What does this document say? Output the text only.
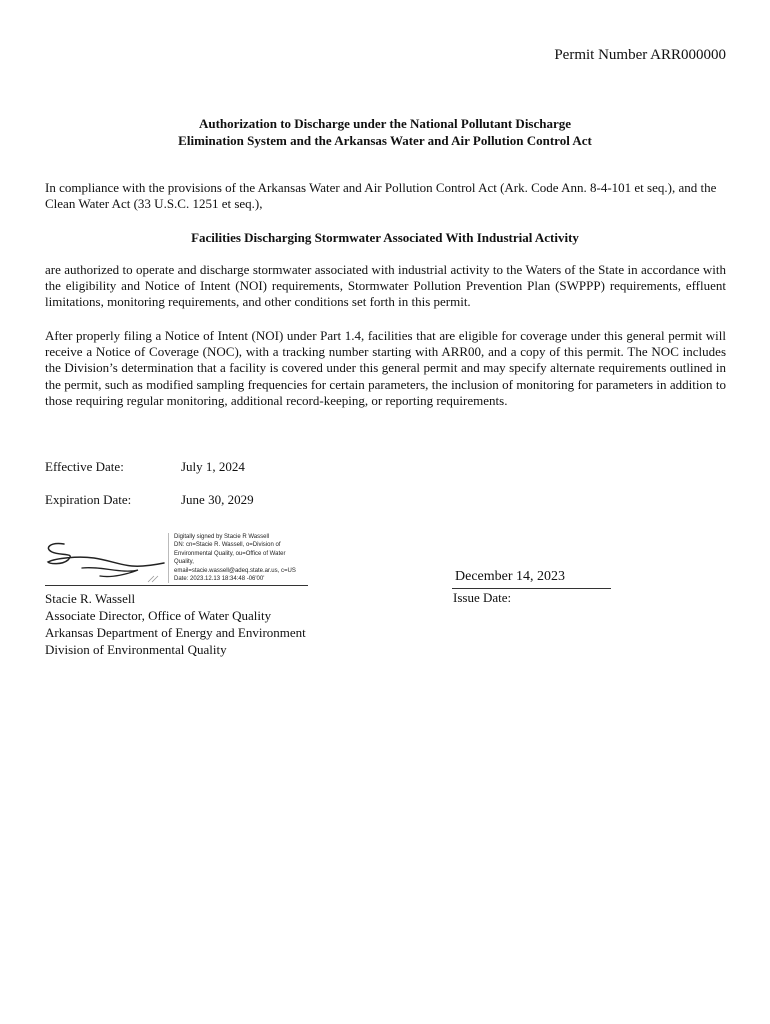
Permit Number ARR000000
Authorization to Discharge under the National Pollutant Discharge
Elimination System and the Arkansas Water and Air Pollution Control Act
In compliance with the provisions of the Arkansas Water and Air Pollution Control Act (Ark. Code Ann. 8-4-101 et seq.), and the Clean Water Act (33 U.S.C. 1251 et seq.),
Facilities Discharging Stormwater Associated With Industrial Activity
are authorized to operate and discharge stormwater associated with industrial activity to the Waters of the State in accordance with the eligibility and Notice of Intent (NOI) requirements, Stormwater Pollution Prevention Plan (SWPPP) requirements, effluent limitations, monitoring requirements, and other conditions set forth in this permit.
After properly filing a Notice of Intent (NOI) under Part 1.4, facilities that are eligible for coverage under this general permit will receive a Notice of Coverage (NOC), with a tracking number starting with ARR00, and a copy of this permit. The NOC includes the Division’s determination that a facility is covered under this general permit and may specify alternate requirements outlined in the permit, such as modified sampling frequencies for certain parameters, the inclusion of monitoring for parameters in addition to those requiring regular monitoring, additional record-keeping, or reporting requirements.
Effective Date:	July 1, 2024
Expiration Date:	June 30, 2029
Digitally signed by Stacie R Wassell
DN: cn=Stacie R. Wassell, o=Division of
Environmental Quality, ou=Office of Water
Quality,
email=stacie.wassell@adeq.state.ar.us, c=US
Date: 2023.12.13 18:34:48 -06'00'
Stacie R. Wassell
Associate Director, Office of Water Quality
Arkansas Department of Energy and Environment
Division of Environmental Quality
December 14, 2023
Issue Date:
